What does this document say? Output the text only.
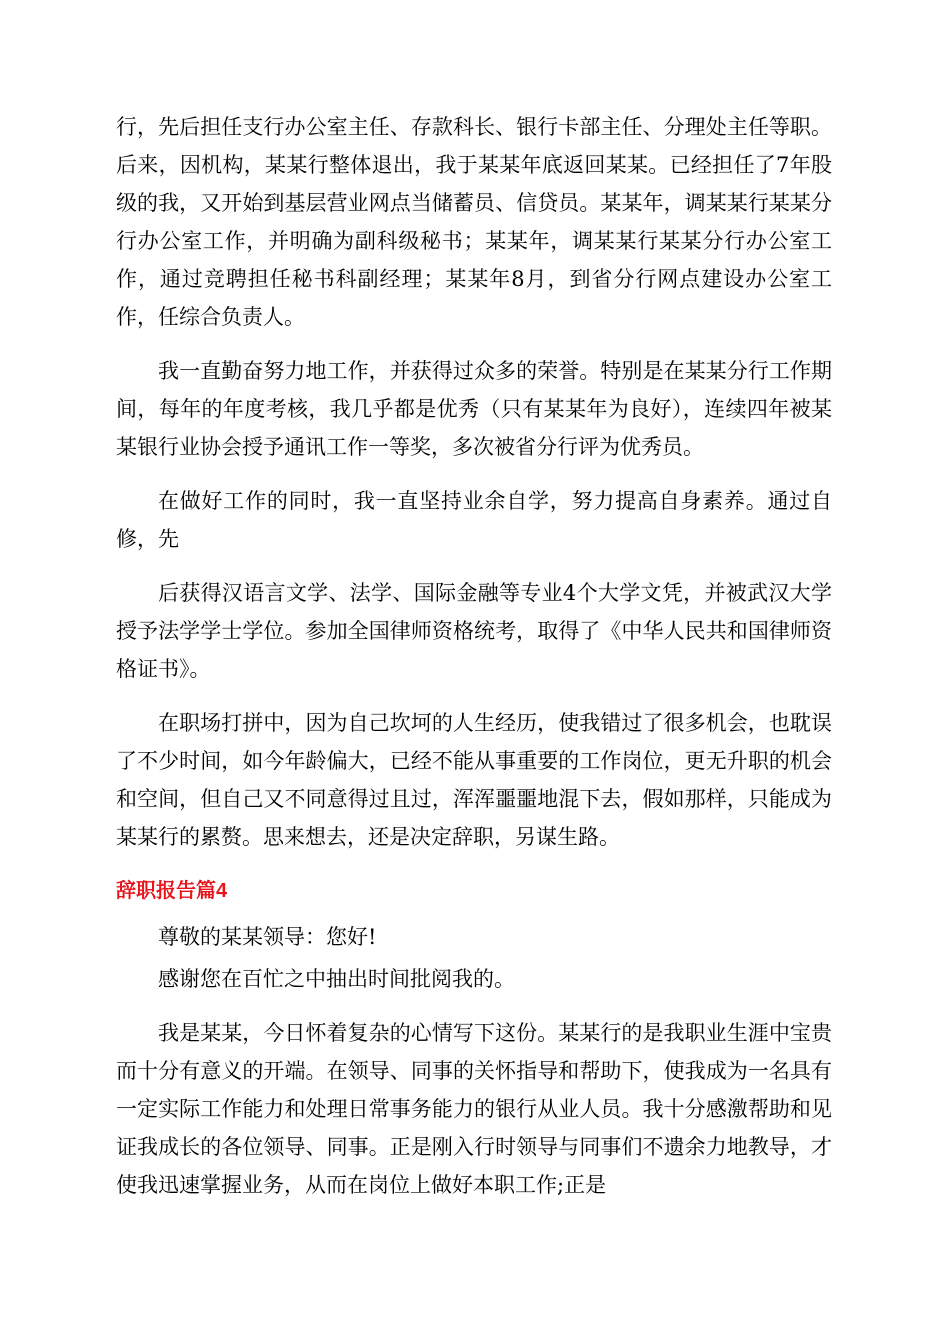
行，先后担任支行办公室主任、存款科长、银行卡部主任、分理处主任等职。后来，因机构，某某行整体退出，我于某某年底返回某某。已经担任了7年股级的我，又开始到基层营业网点当储蓄员、信贷员。某某年，调某某行某某分行办公室工作，并明确为副科级秘书；某某年，调某某行某某分行办公室工作，通过竞聘担任秘书科副经理；某某年8月，到省分行网点建设办公室工作，任综合负责人。

我一直勤奋努力地工作，并获得过众多的荣誉。特别是在某某分行工作期间，每年的年度考核，我几乎都是优秀（只有某某年为良好），连续四年被某某银行业协会授予通讯工作一等奖，多次被省分行评为优秀员。

在做好工作的同时，我一直坚持业余自学，努力提高自身素养。通过自修，先

后获得汉语言文学、法学、国际金融等专业4个大学文凭，并被武汉大学授予法学学士学位。参加全国律师资格统考，取得了《中华人民共和国律师资格证书》。

在职场打拼中，因为自己坎坷的人生经历，使我错过了很多机会，也耽误了不少时间，如今年龄偏大，已经不能从事重要的工作岗位，更无升职的机会和空间，但自己又不同意得过且过，浑浑噩噩地混下去，假如那样，只能成为某某行的累赘。思来想去，还是决定辞职，另谋生路。

辞职报告篇4

尊敬的某某领导：您好!

感谢您在百忙之中抽出时间批阅我的。

我是某某，今日怀着复杂的心情写下这份。某某行的是我职业生涯中宝贵而十分有意义的开端。在领导、同事的关怀指导和帮助下，使我成为一名具有一定实际工作能力和处理日常事务能力的银行从业人员。我十分感激帮助和见证我成长的各位领导、同事。正是刚入行时领导与同事们不遗余力地教导，才使我迅速掌握业务，从而在岗位上做好本职工作;正是
